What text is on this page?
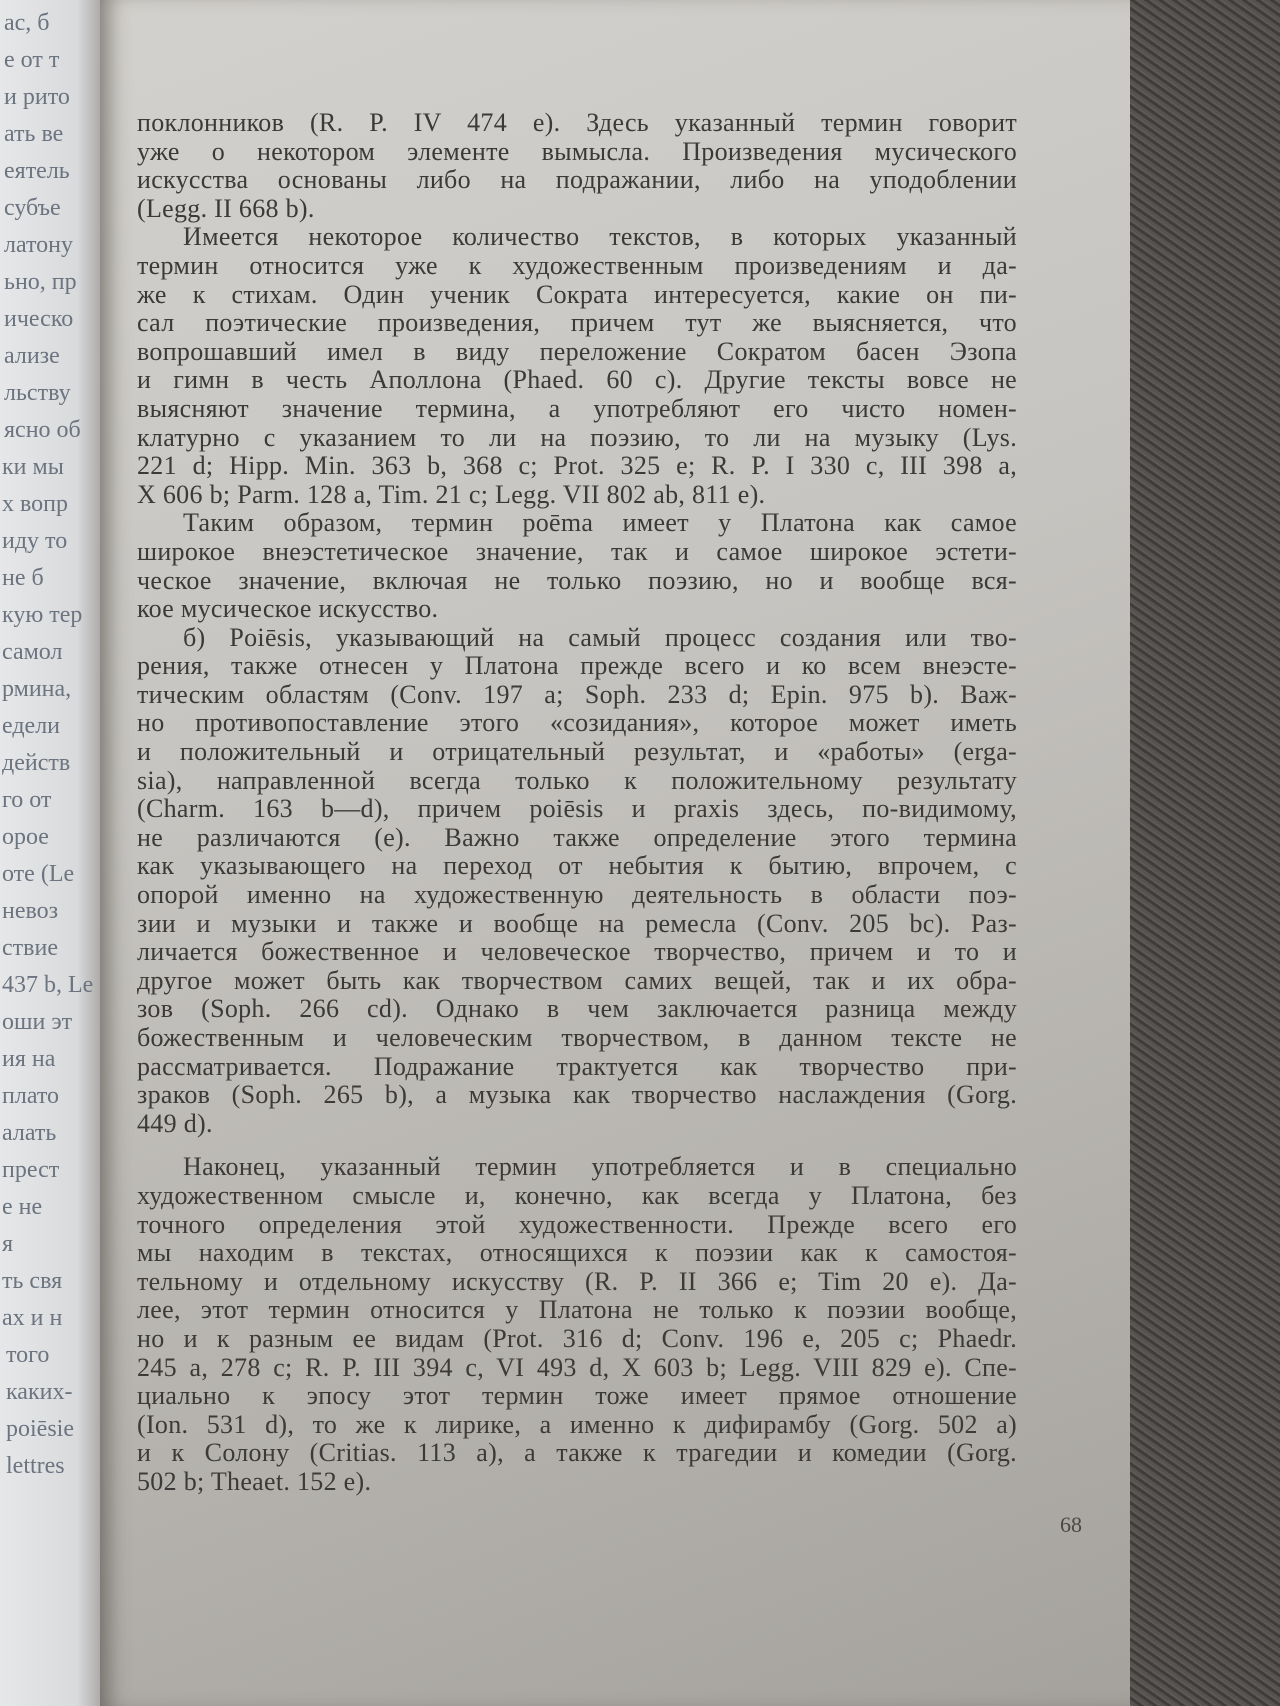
ас, б
е от т
и рито
ать ве
еятель
субъе
латону
ьно, пр
ическо
ализе
льству
ясно об
ки мы
х вопр
иду то
не б
кую тер
самол
рмина,
едели
действ
го от
орое
оте (Le
невоз
ствие
437 b, Le
оши эт
ия на
плато
алать
прест
е не
я
ть свя
ах и н
того
каких-
poiēsie
lettres
поклонников (R. P. IV 474 e). Здесь указанный термин говорит
уже о некотором элементе вымысла. Произведения мусического
искусства основаны либо на подражании, либо на уподоблении
(Legg. II 668 b).
Имеется некоторое количество текстов, в которых указанный
термин относится уже к художественным произведениям и да-
же к стихам. Один ученик Сократа интересуется, какие он пи-
сал поэтические произведения, причем тут же выясняется, что
вопрошавший имел в виду переложение Сократом басен Эзопа
и гимн в честь Аполлона (Phaed. 60 c). Другие тексты вовсе не
выясняют значение термина, а употребляют его чисто номен-
клатурно с указанием то ли на поэзию, то ли на музыку (Lys.
221 d; Hipp. Min. 363 b, 368 c; Prot. 325 e; R. P. I 330 c, III 398 a,
X 606 b; Parm. 128 a, Tim. 21 c; Legg. VII 802 ab, 811 e).
Таким образом, термин poēma имеет у Платона как самое
широкое внеэстетическое значение, так и самое широкое эстети-
ческое значение, включая не только поэзию, но и вообще вся-
кое мусическое искусство.
б) Poiēsis, указывающий на самый процесс создания или тво-
рения, также отнесен у Платона прежде всего и ко всем внеэсте-
тическим областям (Conv. 197 a; Soph. 233 d; Epin. 975 b). Важ-
но противопоставление этого «созидания», которое может иметь
и положительный и отрицательный результат, и «работы» (erga-
sia), направленной всегда только к положительному результату
(Charm. 163 b—d), причем poiēsis и praxis здесь, по-видимому,
не различаются (e). Важно также определение этого термина
как указывающего на переход от небытия к бытию, впрочем, с
опорой именно на художественную деятельность в области поэ-
зии и музыки и также и вообще на ремесла (Conv. 205 bc). Раз-
личается божественное и человеческое творчество, причем и то и
другое может быть как творчеством самих вещей, так и их обра-
зов (Soph. 266 cd). Однако в чем заключается разница между
божественным и человеческим творчеством, в данном тексте не
рассматривается. Подражание трактуется как творчество при-
зраков (Soph. 265 b), а музыка как творчество наслаждения (Gorg.
449 d).
Наконец, указанный термин употребляется и в специально
художественном смысле и, конечно, как всегда у Платона, без
точного определения этой художественности. Прежде всего его
мы находим в текстах, относящихся к поэзии как к самостоя-
тельному и отдельному искусству (R. P. II 366 e; Tim 20 e). Да-
лее, этот термин относится у Платона не только к поэзии вообще,
но и к разным ее видам (Prot. 316 d; Conv. 196 e, 205 c; Phaedr.
245 a, 278 c; R. P. III 394 c, VI 493 d, X 603 b; Legg. VIII 829 e). Спе-
циально к эпосу этот термин тоже имеет прямое отношение
(Ion. 531 d), то же к лирике, а именно к дифирамбу (Gorg. 502 a)
и к Солону (Critias. 113 a), а также к трагедии и комедии (Gorg.
502 b; Theaet. 152 e).
68
